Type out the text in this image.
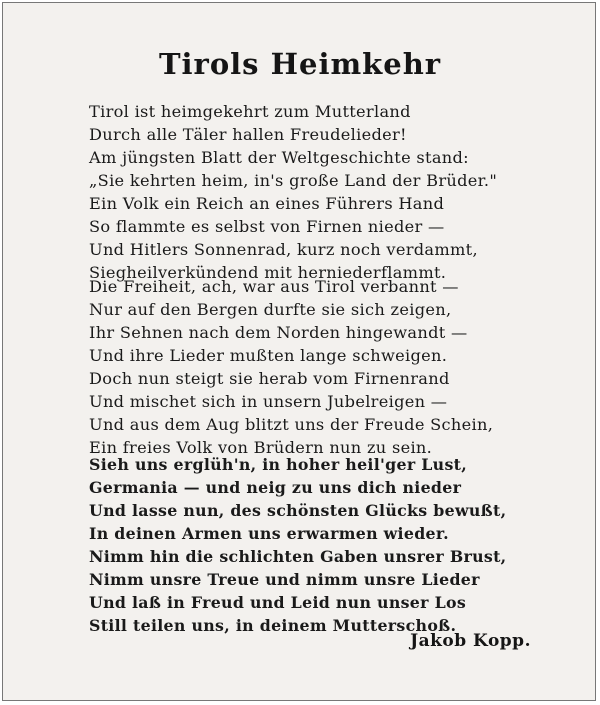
Tirols Heimkehr
Tirol ist heimgekehrt zum Mutterland
Durch alle Täler hallen Freudelieder!
Am jüngsten Blatt der Weltgeschichte stand:
„Sie kehrten heim, in's große Land der Brüder."
Ein Volk ein Reich an eines Führers Hand
So flammte es selbst von Firnen nieder —
Und Hitlers Sonnenrad, kurz noch verdammt,
Siegheilverkündend mit herniederflammt.
Die Freiheit, ach, war aus Tirol verbannt —
Nur auf den Bergen durfte sie sich zeigen,
Ihr Sehnen nach dem Norden hingewandt —
Und ihre Lieder mußten lange schweigen.
Doch nun steigt sie herab vom Firnenrand
Und mischet sich in unsern Jubelreigen —
Und aus dem Aug blitzt uns der Freude Schein,
Ein freies Volk von Brüdern nun zu sein.
Sieh uns erglüh'n, in hoher heil'ger Lust,
Germania — und neig zu uns dich nieder
Und lasse nun, des schönsten Glücks bewußt,
In deinen Armen uns erwarmen wieder.
Nimm hin die schlichten Gaben unsrer Brust,
Nimm unsre Treue und nimm unsre Lieder
Und laß in Freud und Leid nun unser Los
Still teilen uns, in deinem Mutterschoß.
Jakob Kopp.
